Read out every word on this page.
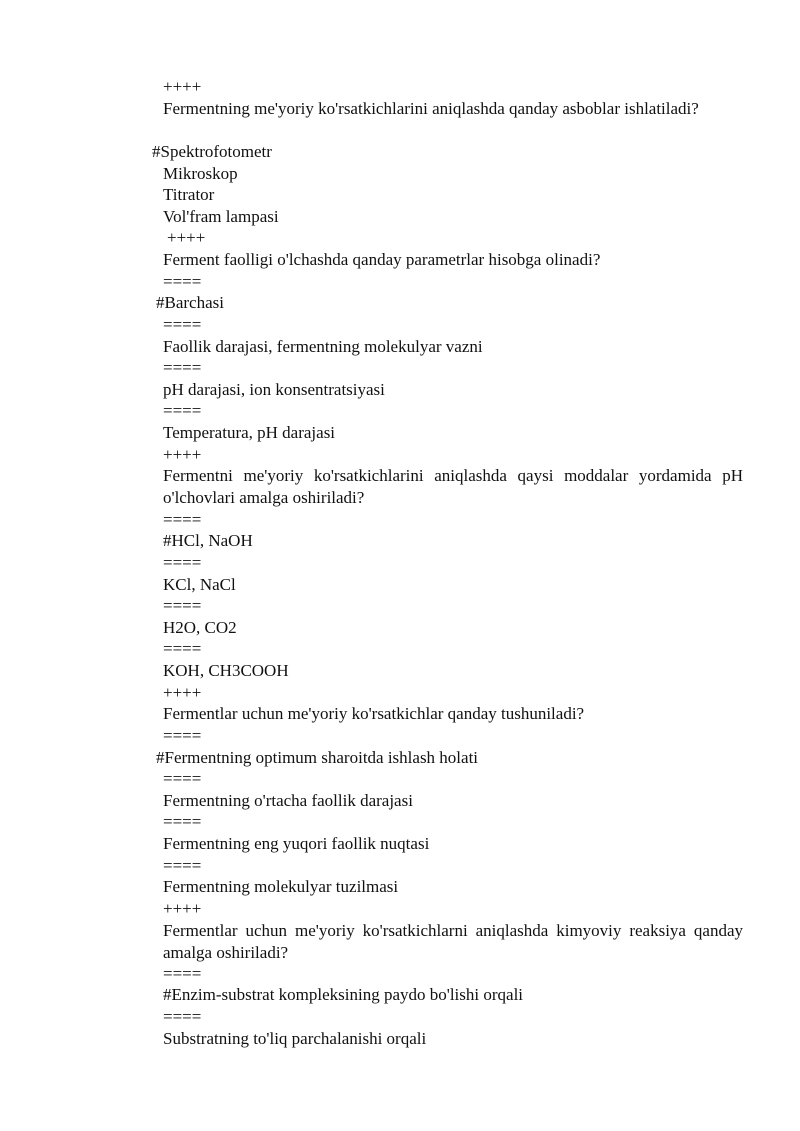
++++
Fermentning me'yoriy ko'rsatkichlarini aniqlashda qanday asboblar ishlatiladi?
#Spektrofotometr
Mikroskop
Titrator
Vol'fram lampasi
++++
Ferment faolligi o'lchashda qanday parametrlar hisobga olinadi?
====
#Barchasi
====
Faollik darajasi, fermentning molekulyar vazni
====
pH darajasi, ion konsentratsiyasi
====
Temperatura, pH darajasi
++++
Fermentni me'yoriy ko'rsatkichlarini aniqlashda qaysi moddalar yordamida pH o'lchovlari amalga oshiriladi?
====
#HCl, NaOH
====
KCl, NaCl
====
H2O, CO2
====
KOH, CH3COOH
++++
Fermentlar uchun me'yoriy ko'rsatkichlar qanday tushuniladi?
====
#Fermentning optimum sharoitda ishlash holati
====
Fermentning o'rtacha faollik darajasi
====
Fermentning eng yuqori faollik nuqtasi
====
Fermentning molekulyar tuzilmasi
++++
Fermentlar uchun me'yoriy ko'rsatkichlarni aniqlashda kimyoviy reaksiya qanday amalga oshiriladi?
====
#Enzim-substrat kompleksining paydo bo'lishi orqali
====
Substratning to'liq parchalanishi orqali
